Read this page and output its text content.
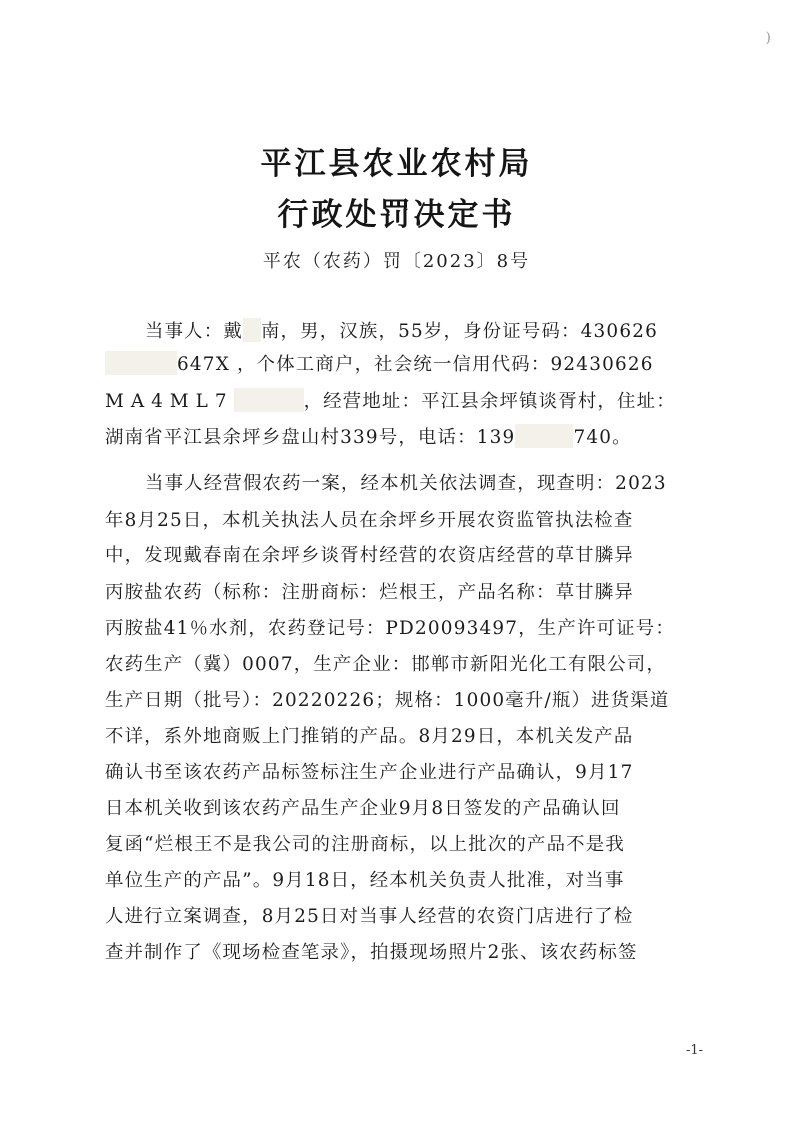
)
平江县农业农村局
行政处罚决定书
平农（农药）罚〔2023〕8号
当事人：戴 南，男，汉族，55岁，身份证号码：430626
647X ，个体工商户，社会统一信用代码：92430626
MA4ML7	，经营地址：平江县余坪镇谈胥村，住址：
湖南省平江县余坪乡盘山村339号，电话：139	740。
当事人经营假农药一案，经本机关依法调查，现查明：2023
年8月25日，本机关执法人员在余坪乡开展农资监管执法检查
中，发现戴春南在余坪乡谈胥村经营的农资店经营的草甘膦异
丙胺盐农药（标称：注册商标：烂根王，产品名称：草甘膦异
丙胺盐41％水剂，农药登记号：PD20093497，生产许可证号：
农药生产（冀）0007，生产企业：邯郸市新阳光化工有限公司，
生产日期（批号）：20220226；规格：1000毫升/瓶）进货渠道
不详，系外地商贩上门推销的产品。8月29日，本机关发产品
确认书至该农药产品标签标注生产企业进行产品确认，9月17
日本机关收到该农药产品生产企业9月8日签发的产品确认回
复函“烂根王不是我公司的注册商标，以上批次的产品不是我
单位生产的产品”。9月18日，经本机关负责人批准，对当事
人进行立案调查，8月25日对当事人经营的农资门店进行了检
查并制作了《现场检查笔录》，拍摄现场照片2张、该农药标签
-1-
